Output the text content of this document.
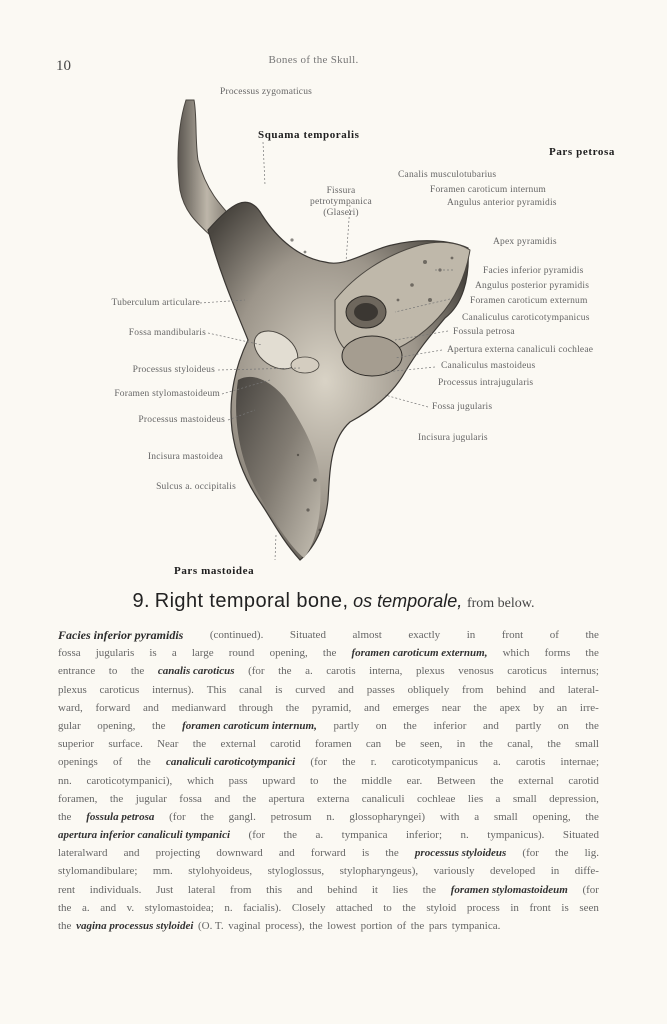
10	Bones of the Skull.
Processus zygomaticus
Squama temporalis
Pars petrosa
Canalis musculotubarius
Fissura
petrotympanica
(Glaseri)
Foramen caroticum internum
Angulus anterior pyramidis
Apex pyramidis
Facies inferior pyramidis
Angulus posterior pyramidis
Foramen caroticum externum
Canaliculus caroticotympanicus
Fossula petrosa
Apertura externa canaliculi cochleae
Canaliculus mastoideus
Processus intrajugularis
Fossa jugularis
Incisura jugularis
Tuberculum articulare
Fossa mandibularis
Processus styloideus
Foramen stylomastoideum
Processus mastoideus
Incisura mastoidea
Sulcus a. occipitalis
Pars mastoidea
9. Right temporal bone, os temporale, from below.
Facies inferior pyramidis (continued). Situated almost exactly in front of the
fossa jugularis is a large round opening, the foramen caroticum externum, which forms the
entrance to the canalis caroticus (for the a. carotis interna, plexus venosus caroticus internus;
plexus caroticus internus). This canal is curved and passes obliquely from behind and lateral-
ward, forward and medianward through the pyramid, and emerges near the apex by an irre-
gular opening, the foramen caroticum internum, partly on the inferior and partly on the
superior surface. Near the external carotid foramen can be seen, in the canal, the small
openings of the canaliculi caroticotympanici (for the r. caroticotympanicus a. carotis internae;
nn. caroticotympanici), which pass upward to the middle ear. Between the external carotid
foramen, the jugular fossa and the apertura externa canaliculi cochleae lies a small depression,
the fossula petrosa (for the gangl. petrosum n. glossopharyngei) with a small opening, the
apertura inferior canaliculi tympanici (for the a. tympanica inferior; n. tympanicus). Situated
lateralward and projecting downward and forward is the processus styloideus (for the lig.
stylomandibulare; mm. stylohyoideus, styloglossus, stylopharyngeus), variously developed in diffe-
rent individuals. Just lateral from this and behind it lies the foramen stylomastoideum (for
the a. and v. stylomastoidea; n. facialis). Closely attached to the styloid process in front is seen
the vagina processus styloidei (O. T. vaginal process), the lowest portion of the pars tympanica.
